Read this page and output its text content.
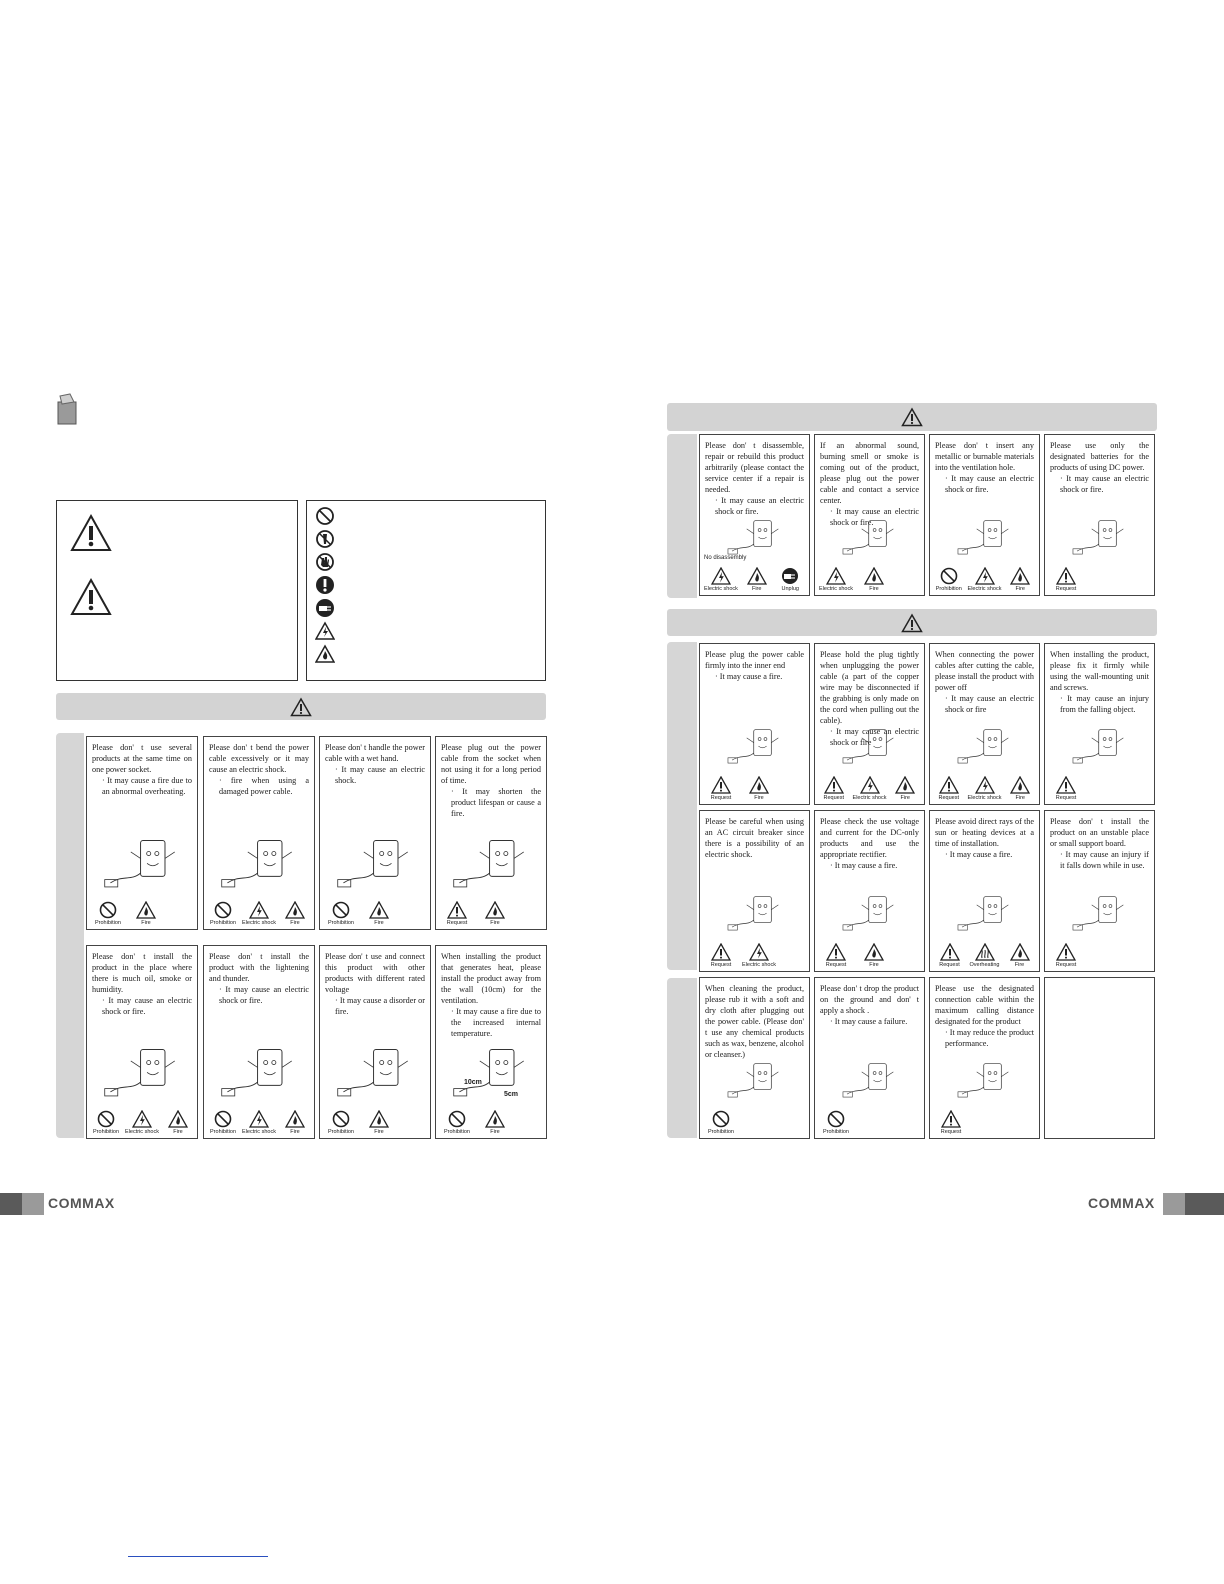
Please don' t use several products at the same time on one power socket.
· It may cause a fire due to an abnormal overheating.
Prohibition	Fire
Please don' t bend the power cable excessively or it may cause an electric shock.
· fire when using a damaged power cable.
Prohibition Electric shock	Fire
Please don' t handle the power cable with a wet hand.
· It may cause an electric shock.
Prohibition	Fire
Please plug out the power cable from the socket when not using it for a long period of time.
· It may shorten the product lifespan or cause a fire.
Request	Fire
Please don' t install the product in the place where there is much oil, smoke or humidity.
· It may cause an electric shock or fire.
Prohibition Electric shock	Fire
Please don' t install the product with the lightening and thunder.
· It may cause an electric shock or fire.
Prohibition Electric shock	Fire
Please don' t use and connect this product with other products with different rated voltage
· It may cause a disorder or fire.
Prohibition	Fire
When installing the product that generates heat, please install the product away from the wall (10cm) for the ventilation.
· It may cause a fire due to the increased internal temperature.
10cm
5cm
Prohibition	Fire
COMMAX
Please don' t disassemble, repair or rebuild this product arbitrarily (please contact the service center if a repair is needed.
· It may cause an electric shock or fire.
No disassembly
Electric shock	Fire	Unplug
If an abnormal sound, burning smell or smoke is coming out of the product, please plug out the power cable and contact a service center.
· It may cause an electric shock or fire.
Electric shock	Fire
Please don' t insert any metallic or burnable materials into the ventilation hole.
· It may cause an electric shock or fire.
Prohibition Electric shock	Fire
Please use only the designated batteries for the products of using DC power.
· It may cause an electric shock or fire.
Request
Please plug the power cable firmly into the inner end
· It may cause a fire.
Request	Fire
Please hold the plug tightly when unplugging the power cable (a part of the copper wire may be disconnected if the grabbing is only made on the cord when pulling out the cable).
· It may cause an electric shock or fire
Request Electric shock	Fire
When connecting the power cables after cutting the cable, please install the product with power off
· It may cause an electric shock or fire
Request Electric shock	Fire
When installing the product, please fix it firmly while using the wall-mounting unit and screws.
· It may cause an injury from the falling object.
Request
Please be careful when using an AC circuit breaker since there is a possibility of an electric shock.
Request Electric shock
Please check the use voltage and current for the DC-only products and use the appropriate rectifier.
· It may cause a fire.
Request	Fire
Please avoid direct rays of the sun or heating devices at a time of installation.
· It may cause a fire.
Request Overheating	Fire
Please don' t install the product on an unstable place or small support board.
· It may cause an injury if it falls down while in use.
Request
When cleaning the product, please rub it with a soft and dry cloth after plugging out the power cable. (Please don' t use any chemical products such as wax, benzene, alcohol or cleanser.)
Prohibition
Please don' t drop the product on the ground and don' t apply a shock .
· It may cause a failure.
Prohibition
Please use the designated connection cable within the maximum calling distance designated for the product
· It may reduce the product performance.
Request
COMMAX
